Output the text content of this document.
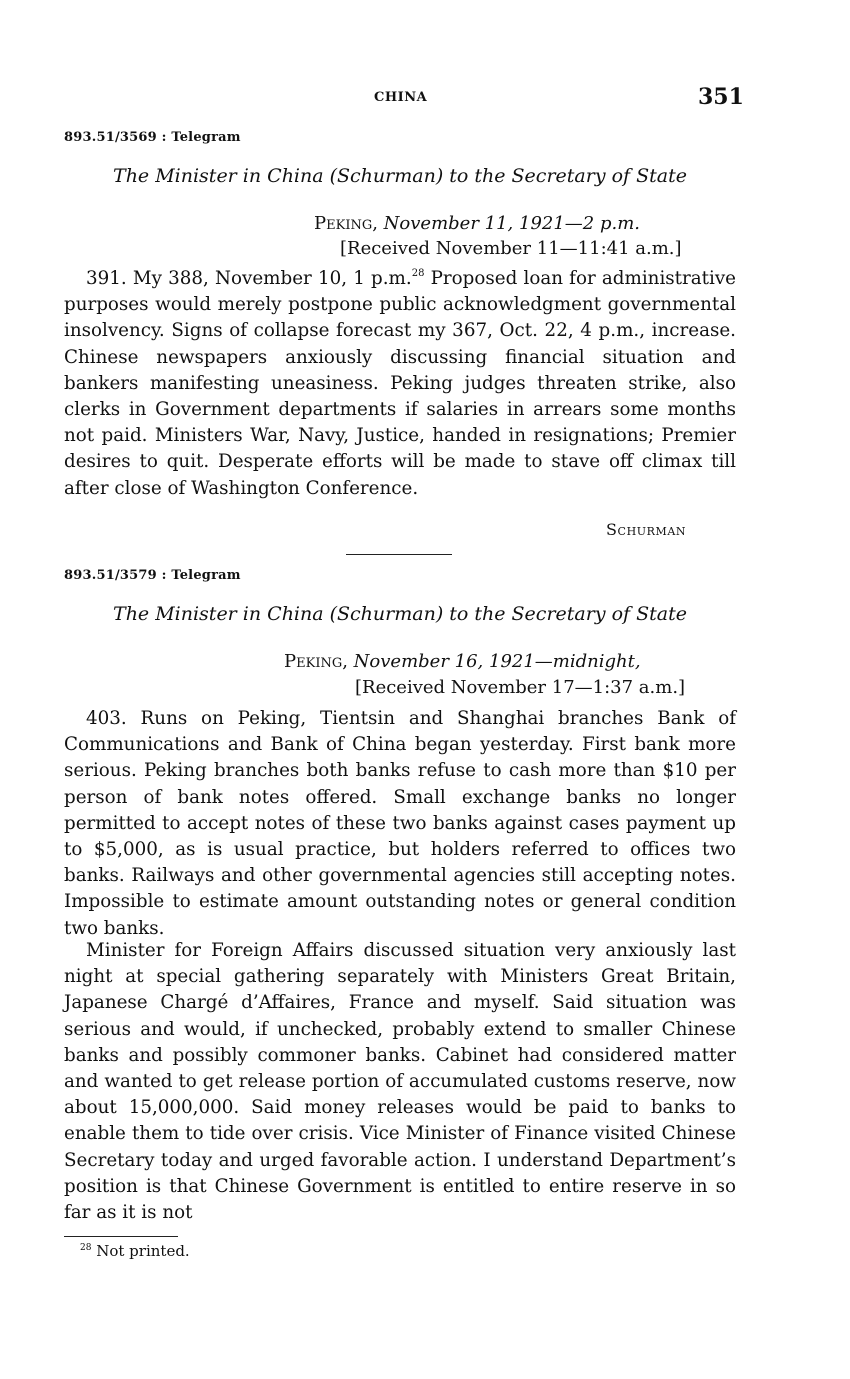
CHINA	351
893.51/3569 : Telegram
The Minister in China (Schurman) to the Secretary of State
Peking, November 11, 1921—2 p.m.
[Received November 11—11:41 a.m.]

391. My 388, November 10, 1 p.m.$^{28}$ Proposed loan for administrative purposes would merely postpone public acknowledgment governmental insolvency. Signs of collapse forecast my 367, Oct. 22, 4 p.m., increase. Chinese newspapers anxiously discussing financial situation and bankers manifesting uneasiness. Peking judges threaten strike, also clerks in Government departments if salaries in arrears some months not paid. Ministers War, Navy, Justice, handed in resignations; Premier desires to quit. Desperate efforts will be made to stave off climax till after close of Washington Conference.

Schurman
893.51/3579 : Telegram
The Minister in China (Schurman) to the Secretary of State
Peking, November 16, 1921—midnight,
[Received November 17—1:37 a.m.]

403. Runs on Peking, Tientsin and Shanghai branches Bank of Communications and Bank of China began yesterday. First bank more serious. Peking branches both banks refuse to cash more than $10 per person of bank notes offered. Small exchange banks no longer permitted to accept notes of these two banks against cases payment up to $5,000, as is usual practice, but holders referred to offices two banks. Railways and other governmental agencies still accepting notes. Impossible to estimate amount outstanding notes or general condition two banks.

Minister for Foreign Affairs discussed situation very anxiously last night at special gathering separately with Ministers Great Britain, Japanese Chargé d’Affaires, France and myself. Said situation was serious and would, if unchecked, probably extend to smaller Chinese banks and possibly commoner banks. Cabinet had considered matter and wanted to get release portion of accumulated customs reserve, now about 15,000,000. Said money releases would be paid to banks to enable them to tide over crisis. Vice Minister of Finance visited Chinese Secretary today and urged favorable action. I understand Department’s position is that Chinese Government is entitled to entire reserve in so far as it is not

$^{28}$ Not printed.
